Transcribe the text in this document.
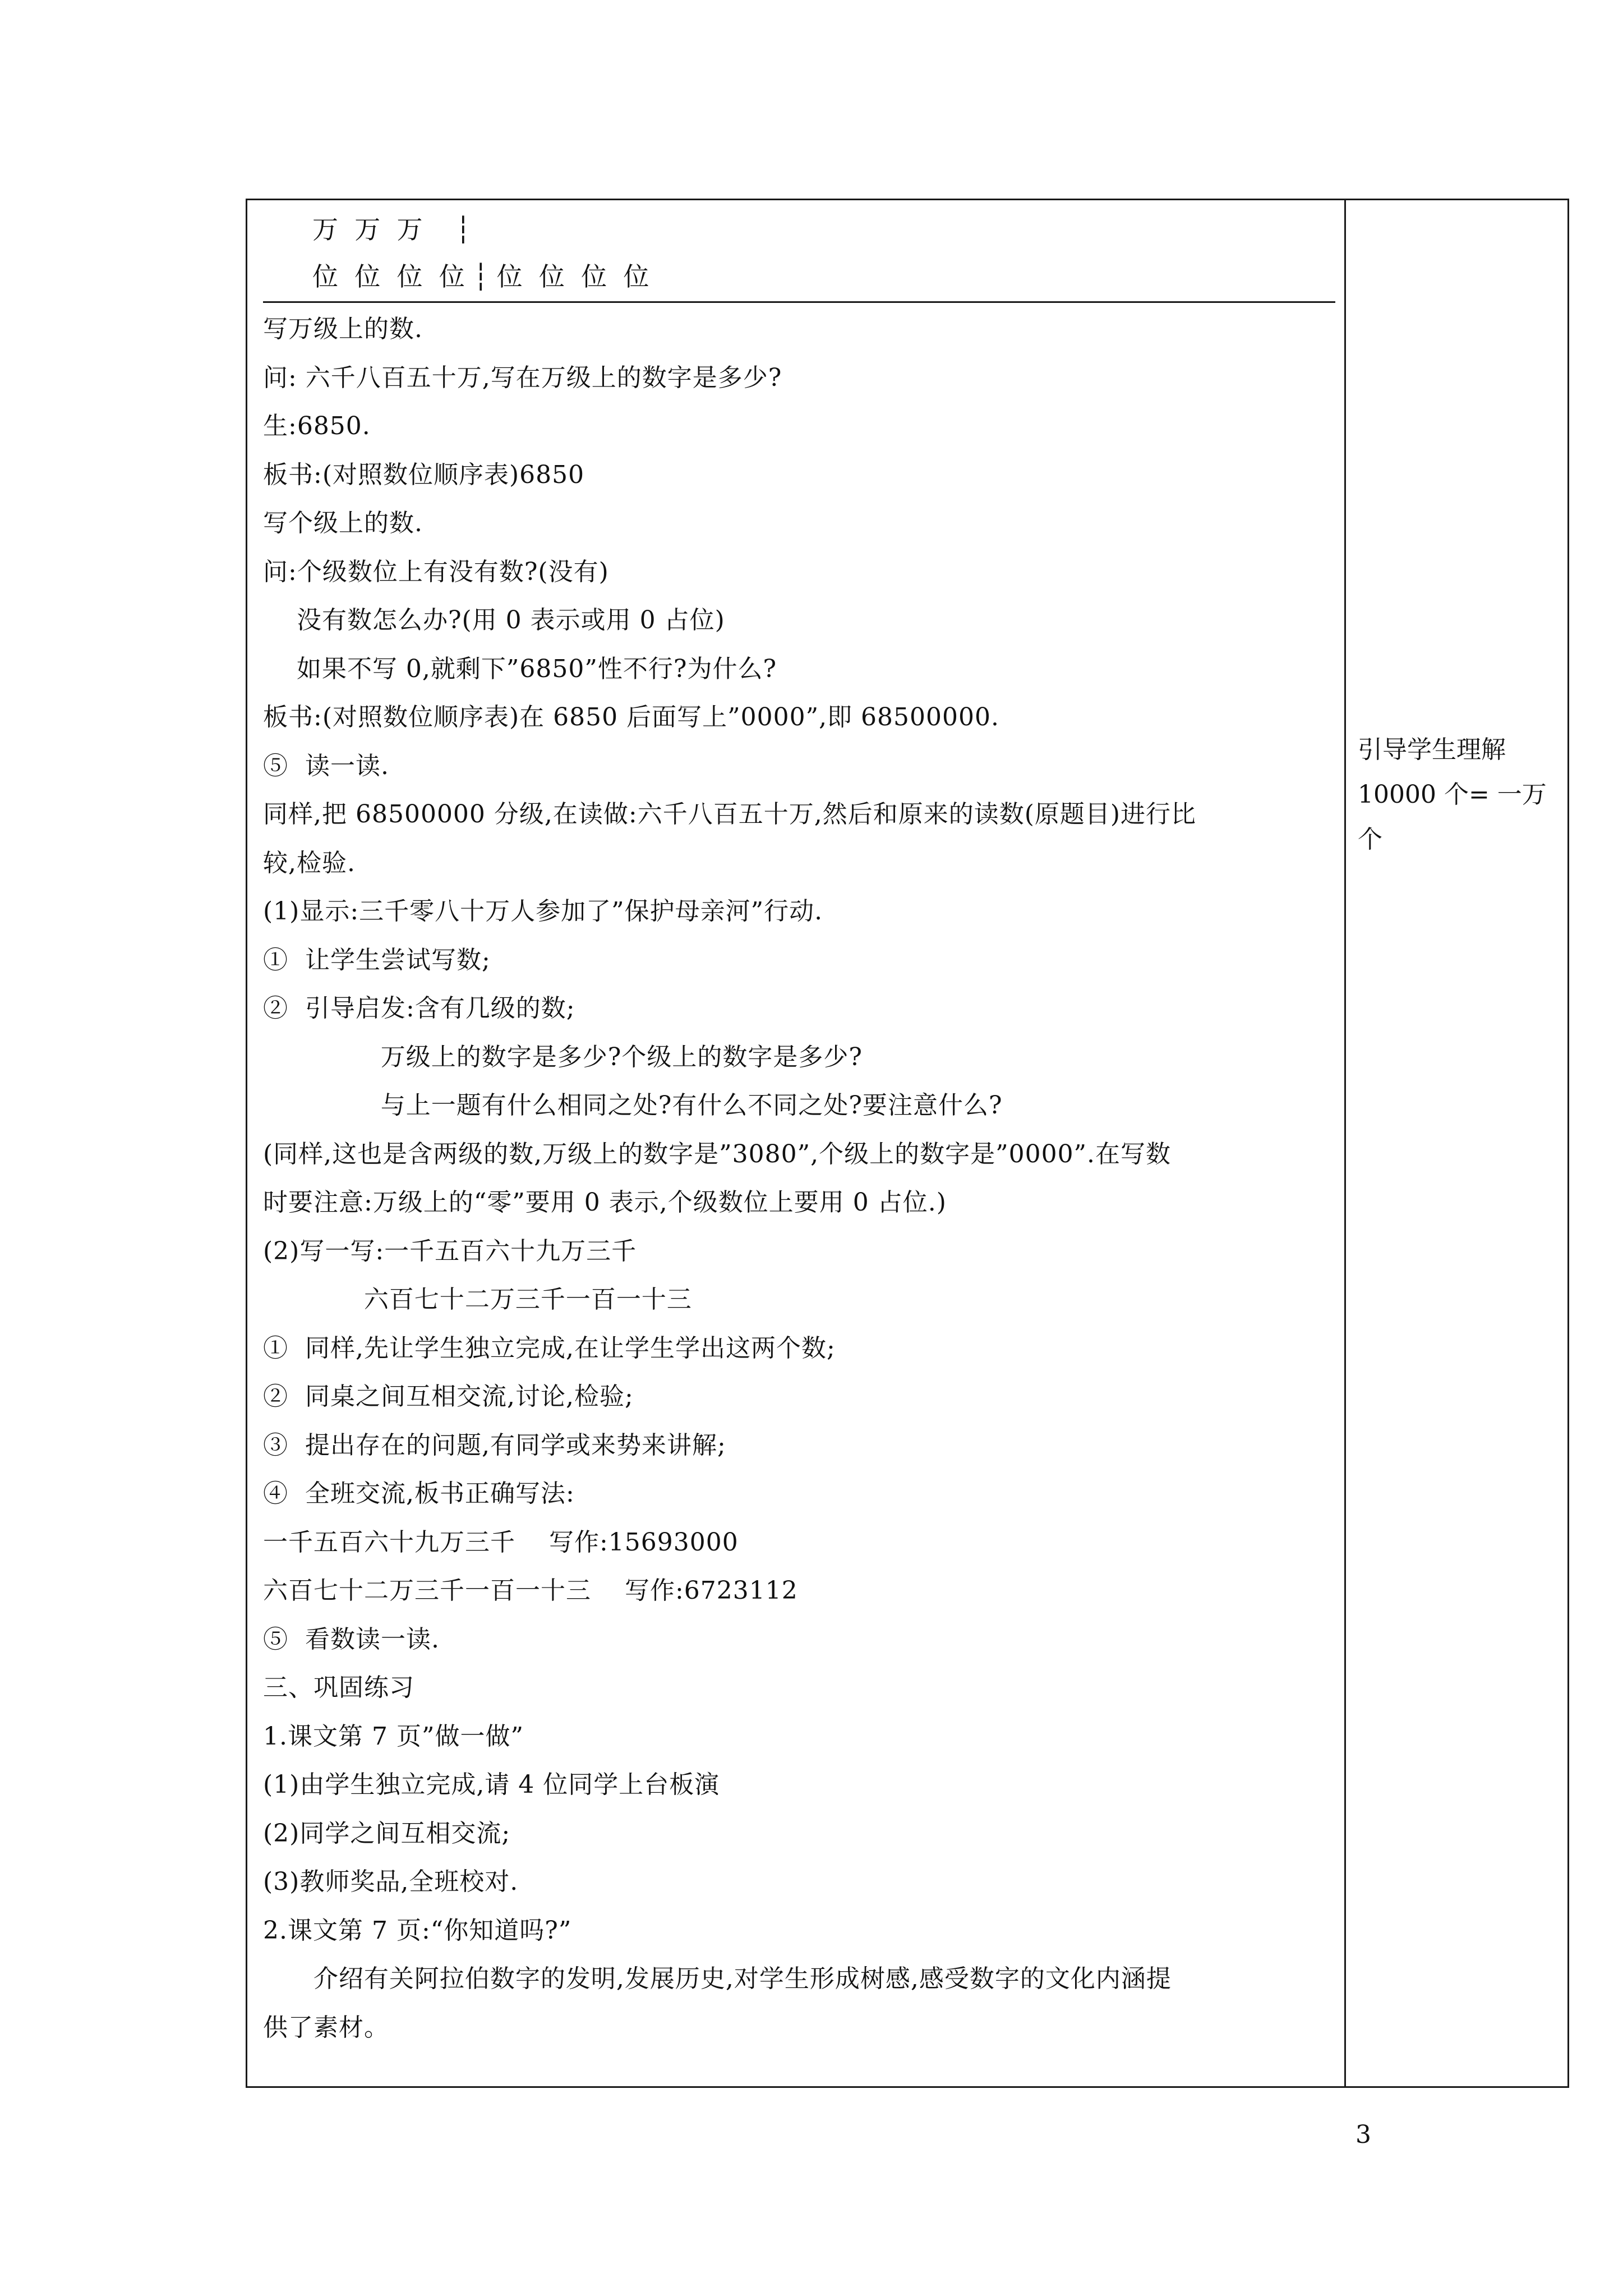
万  万  万    ┆
位  位  位  位 ┆ 位  位  位  位
写万级上的数.
问: 六千八百五十万,写在万级上的数字是多少?
生:6850.
板书:(对照数位顺序表)6850
写个级上的数.
问:个级数位上有没有数?(没有)
没有数怎么办?(用 0 表示或用 0 占位)
如果不写 0,就剩下”6850”性不行?为什么?
板书:(对照数位顺序表)在 6850 后面写上”0000”,即 68500000.
⑤  读一读.
同样,把 68500000 分级,在读做:六千八百五十万,然后和原来的读数(原题目)进行比
较,检验.
(1)显示:三千零八十万人参加了”保护母亲河”行动.
①  让学生尝试写数;
②  引导启发:含有几级的数;
万级上的数字是多少?个级上的数字是多少?
与上一题有什么相同之处?有什么不同之处?要注意什么?
(同样,这也是含两级的数,万级上的数字是”3080”,个级上的数字是”0000”.在写数
时要注意:万级上的“零”要用 0 表示,个级数位上要用 0 占位.)
(2)写一写:一千五百六十九万三千
六百七十二万三千一百一十三
①  同样,先让学生独立完成,在让学生学出这两个数;
②  同桌之间互相交流,讨论,检验;
③  提出存在的问题,有同学或来势来讲解;
④  全班交流,板书正确写法:
一千五百六十九万三千    写作:15693000
六百七十二万三千一百一十三    写作:6723112
⑤  看数读一读.
三、巩固练习
1.课文第 7 页”做一做”
(1)由学生独立完成,请 4 位同学上台板演
(2)同学之间互相交流;
(3)教师奖品,全班校对.
2.课文第 7 页:“你知道吗?”
介绍有关阿拉伯数字的发明,发展历史,对学生形成树感,感受数字的文化内涵提
供了素材。
引导学生理解
10000 个= 一万
个
3
